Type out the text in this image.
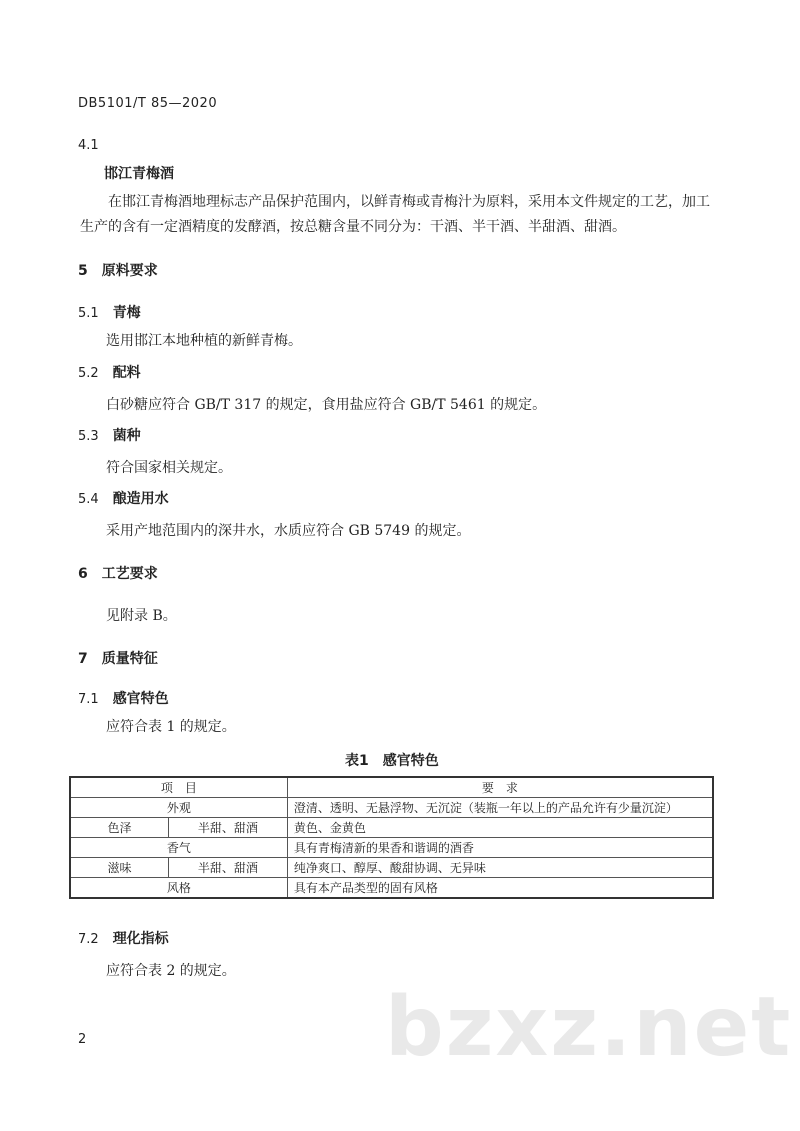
DB5101/T 85—2020
4.1
邯江青梅酒
在邯江青梅酒地理标志产品保护范围内，以鲜青梅或青梅汁为原料，采用本文件规定的工艺，加工生产的含有一定酒精度的发酵酒，按总糖含量不同分为：干酒、半干酒、半甜酒、甜酒。
5 原料要求
5.1 青梅
选用邯江本地种植的新鲜青梅。
5.2 配料
白砂糖应符合 GB/T 317 的规定，食用盐应符合 GB/T 5461 的规定。
5.3 菌种
符合国家相关规定。
5.4 酿造用水
采用产地范围内的深井水，水质应符合 GB 5749 的规定。
6 工艺要求
见附录 B。
7 质量特征
7.1 感官特色
应符合表 1 的规定。
表1　感官特色
项　目		要　求
外观		澄清、透明、无悬浮物、无沉淀（装瓶一年以上的产品允许有少量沉淀）
色泽	半甜、甜酒	黄色、金黄色
香气		具有青梅清新的果香和谐调的酒香
滋味	半甜、甜酒	纯净爽口、醇厚、酸甜协调、无异味
风格		具有本产品类型的固有风格
7.2 理化指标
应符合表 2 的规定。
bzxz.net
2
